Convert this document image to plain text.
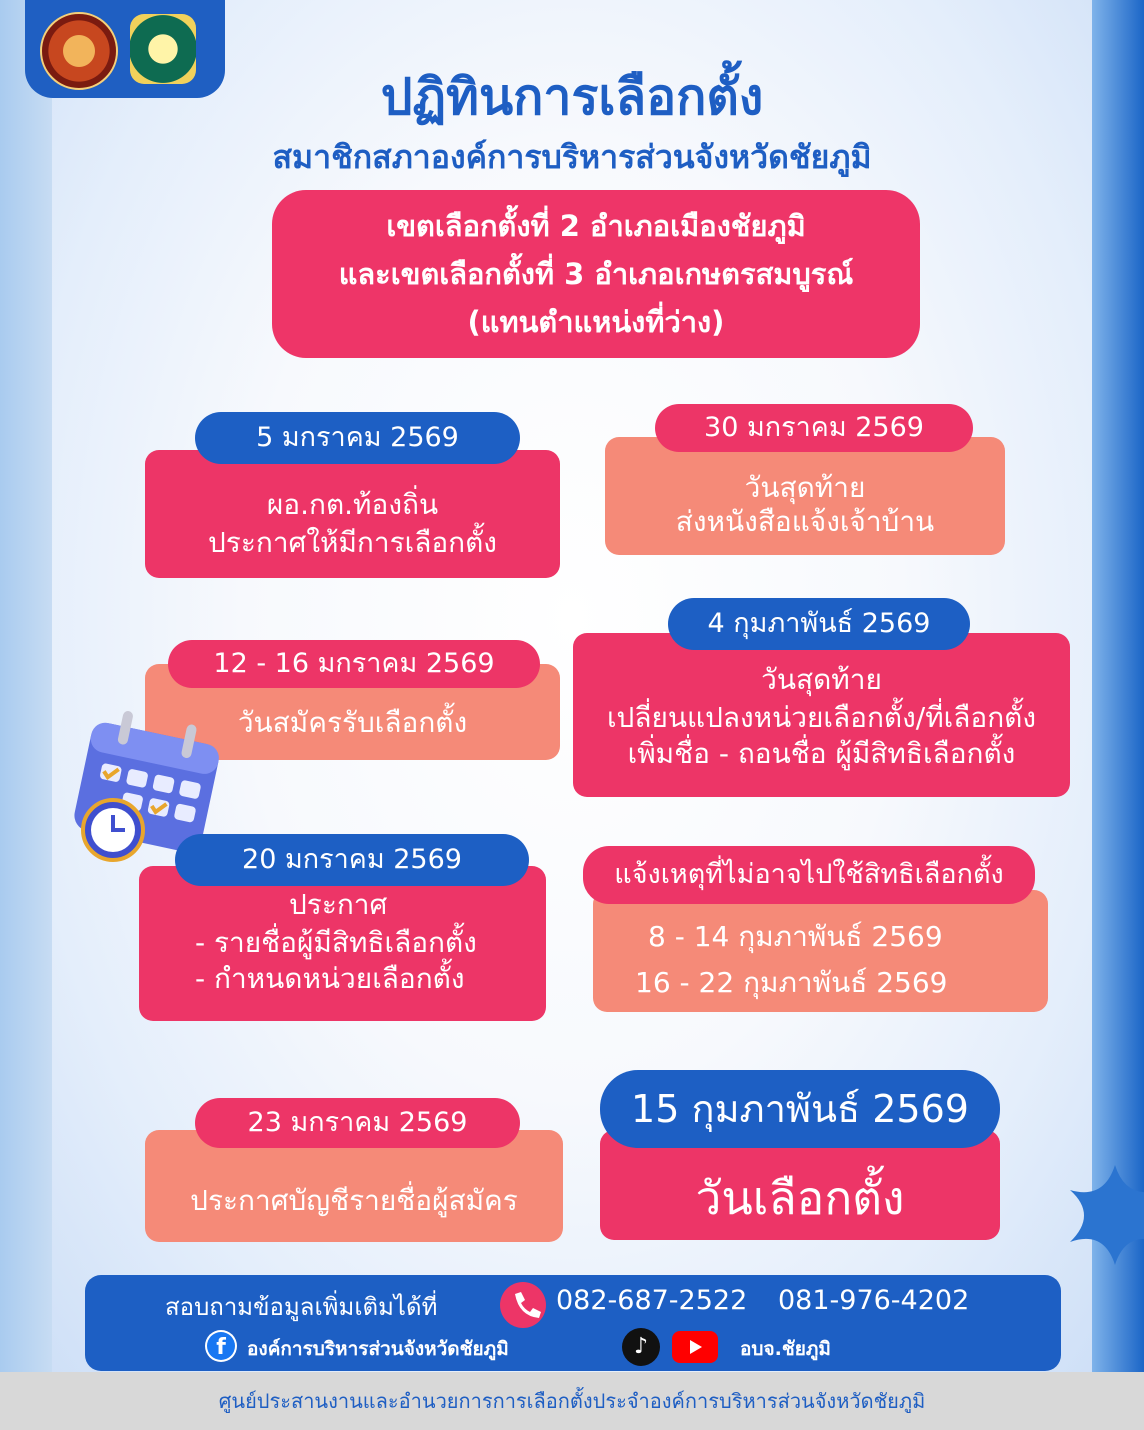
ปฏิทินการเลือกตั้ง
สมาชิกสภาองค์การบริหารส่วนจังหวัดชัยภูมิ
เขตเลือกตั้งที่ 2 อำเภอเมืองชัยภูมิ
และเขตเลือกตั้งที่ 3 อำเภอเกษตรสมบูรณ์
(แทนตำแหน่งที่ว่าง)
ผอ.กต.ท้องถิ่น
ประกาศให้มีการเลือกตั้ง
5 มกราคม 2569
วันสุดท้าย
ส่งหนังสือแจ้งเจ้าบ้าน
30 มกราคม 2569
วันสมัครรับเลือกตั้ง
12 - 16 มกราคม 2569	วันสุดท้าย
เปลี่ยนแปลงหน่วยเลือกตั้ง/ที่เลือกตั้ง
เพิ่มชื่อ - ถอนชื่อ ผู้มีสิทธิเลือกตั้ง
4 กุมภาพันธ์ 2569
ประกาศ
- รายชื่อผู้มีสิทธิเลือกตั้ง
- กำหนดหน่วยเลือกตั้ง
20 มกราคม 2569
8 - 14 กุมภาพันธ์ 2569
16 - 22 กุมภาพันธ์ 2569
แจ้งเหตุที่ไม่อาจไปใช้สิทธิเลือกตั้ง
ประกาศบัญชีรายชื่อผู้สมัคร
23 มกราคม 2569
วันเลือกตั้ง
15 กุมภาพันธ์ 2569
สอบถามข้อมูลเพิ่มเติมได้ที่	082-687-2522 081-976-4202
f	องค์การบริหารส่วนจังหวัดชัยภูมิ	♪	อบจ.ชัยภูมิ
ศูนย์ประสานงานและอำนวยการการเลือกตั้งประจำองค์การบริหารส่วนจังหวัดชัยภูมิ
